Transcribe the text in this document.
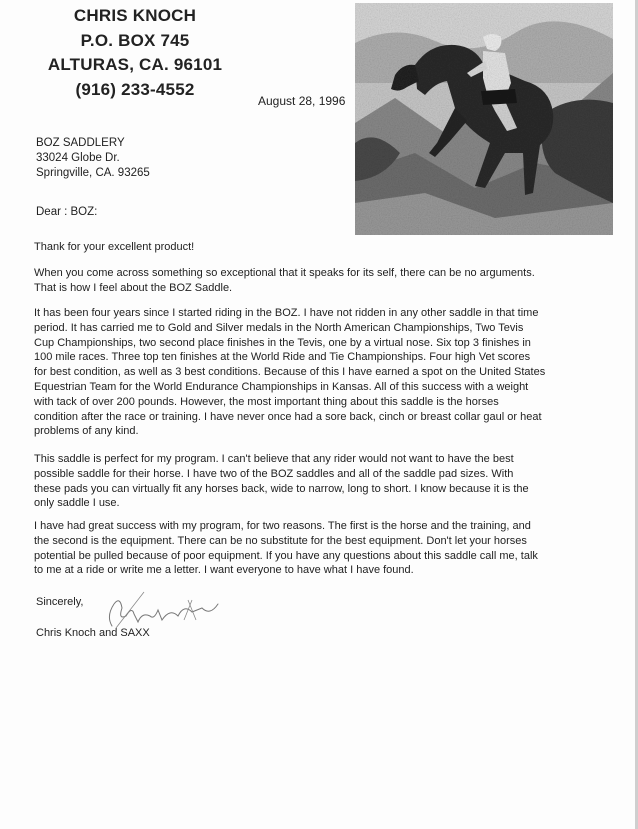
CHRIS KNOCH
P.O. BOX 745
ALTURAS, CA. 96101
(916) 233-4552
August 28, 1996
BOZ SADDLERY
33024 Globe Dr.
Springville, CA. 93265
Dear : BOZ:
Thank for your excellent product!
When you come across something so exceptional that it speaks for its self, there can be no arguments.
That is how I feel about the BOZ Saddle.
It has been four years since I started riding in the BOZ. I have not ridden in any other saddle in that time
period. It has carried me to Gold and Silver medals in the North American Championships, Two Tevis
Cup Championships, two second place finishes in the Tevis, one by a virtual nose. Six top 3 finishes in
100 mile races. Three top ten finishes at the World Ride and Tie Championships. Four high Vet scores
for best condition, as well as 3 best conditions. Because of this I have earned a spot on the United States
Equestrian Team for the World Endurance Championships in Kansas. All of this success with a weight
with tack of over 200 pounds. However, the most important thing about this saddle is the horses
condition after the race or training. I have never once had a sore back, cinch or breast collar gaul or heat
problems of any kind.
This saddle is perfect for my program. I can't believe that any rider would not want to have the best
possible saddle for their horse. I have two of the BOZ saddles and all of the saddle pad sizes. With
these pads you can virtually fit any horses back, wide to narrow, long to short. I know because it is the
only saddle I use.
I have had great success with my program, for two reasons. The first is the horse and the training, and
the second is the equipment. There can be no substitute for the best equipment. Don't let your horses
potential be pulled because of poor equipment. If you have any questions about this saddle call me, talk
to me at a ride or write me a letter. I want everyone to have what I have found.
Sincerely,
Chris Knoch and SAXX
